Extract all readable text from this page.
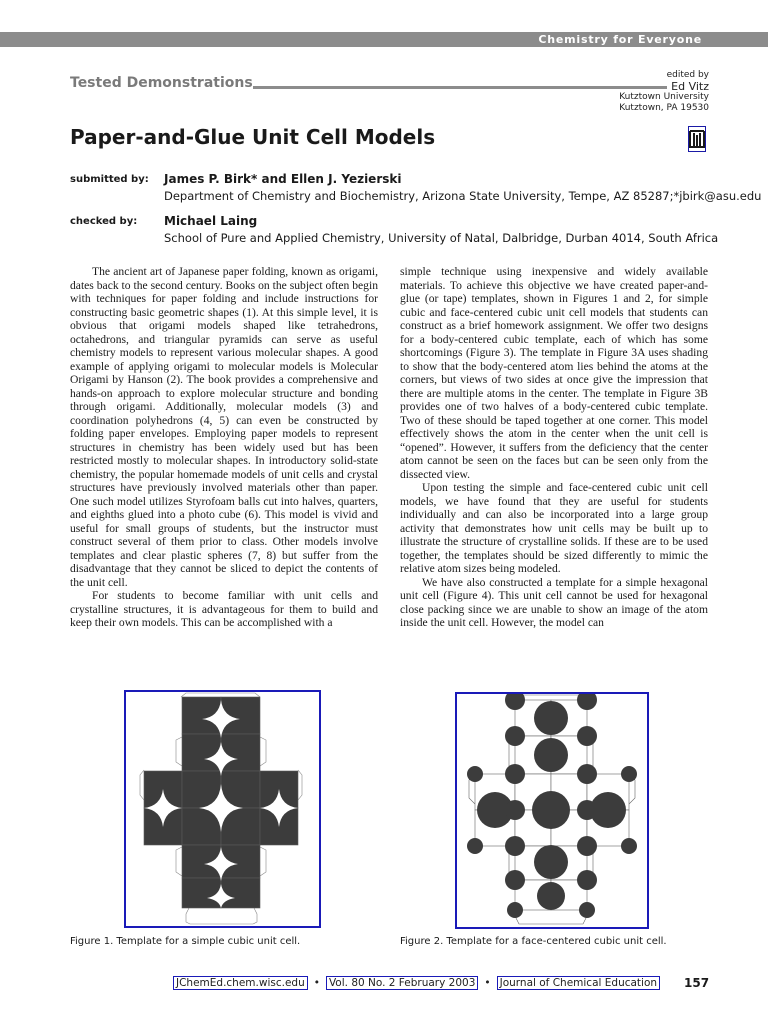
Chemistry for Everyone
Tested Demonstrations	edited by
Ed Vitz
Kutztown University
Kutztown, PA 19530
Paper-and-Glue Unit Cell Models
submitted by: James P. Birk* and Ellen J. Yezierski
Department of Chemistry and Biochemistry, Arizona State University, Tempe, AZ 85287;*jbirk@asu.edu
checked by: Michael Laing
School of Pure and Applied Chemistry, University of Natal, Dalbridge, Durban 4014, South Africa

The ancient art of Japanese paper folding, known as origami, dates back to the second century. Books on the subject often begin with techniques for paper folding and include instructions for constructing basic geometric shapes (1). At this simple level, it is obvious that origami models shaped like tetrahedrons, octahedrons, and triangular pyramids can serve as useful chemistry models to represent various molecular shapes. A good example of applying origami to molecular models is Molecular Origami by Hanson (2). The book provides a comprehensive and hands-on approach to explore molecular structure and bonding through origami. Additionally, molecular models (3) and coordination polyhedrons (4, 5) can even be constructed by folding paper envelopes. Employing paper models to represent structures in chemistry has been widely used but has been restricted mostly to molecular shapes. In introductory solid-state chemistry, the popular homemade models of unit cells and crystal structures have previously involved materials other than paper. One such model utilizes Styrofoam balls cut into halves, quarters, and eighths glued into a photo cube (6). This model is vivid and useful for small groups of students, but the instructor must construct several of them prior to class. Other models involve templates and clear plastic spheres (7, 8) but suffer from the disadvantage that they cannot be sliced to depict the contents of the unit cell.

For students to become familiar with unit cells and crystalline structures, it is advantageous for them to build and keep their own models. This can be accomplished with a

simple technique using inexpensive and widely available materials. To achieve this objective we have created paper-and-glue (or tape) templates, shown in Figures 1 and 2, for simple cubic and face-centered cubic unit cell models that students can construct as a brief homework assignment. We offer two designs for a body-centered cubic template, each of which has some shortcomings (Figure 3). The template in Figure 3A uses shading to show that the body-centered atom lies behind the atoms at the corners, but views of two sides at once give the impression that there are multiple atoms in the center. The template in Figure 3B provides one of two halves of a body-centered cubic template. Two of these should be taped together at one corner. This model effectively shows the atom in the center when the unit cell is “opened”. However, it suffers from the deficiency that the center atom cannot be seen on the faces but can be seen only from the dissected view.

Upon testing the simple and face-centered cubic unit cell models, we have found that they are useful for students individually and can also be incorporated into a large group activity that demonstrates how unit cells may be built up to illustrate the structure of crystalline solids. If these are to be used together, the templates should be sized differently to mimic the relative atom sizes being modeled.

We have also constructed a template for a simple hexagonal unit cell (Figure 4). This unit cell cannot be used for hexagonal close packing since we are unable to show an image of the atom inside the unit cell. However, the model can

Figure 1. Template for a simple cubic unit cell.	Figure 2. Template for a face-centered cubic unit cell.
JChemEd.chem.wisc.edu • Vol. 80 No. 2 February 2003 • Journal of Chemical Education 157
